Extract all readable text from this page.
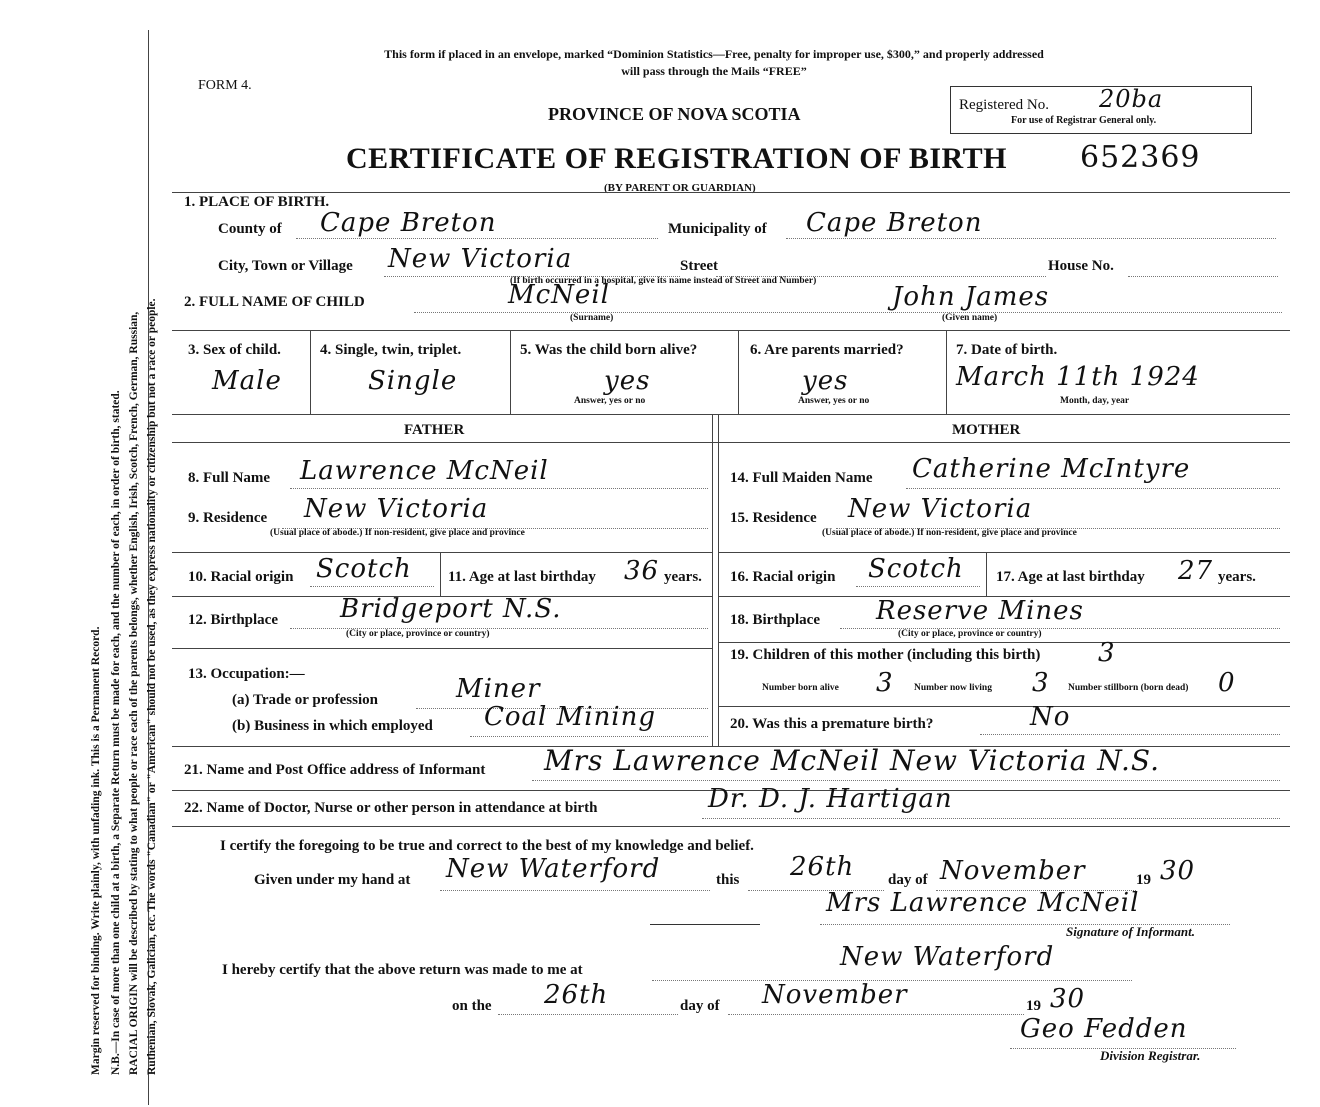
Margin reserved for binding. Write plainly, with unfading ink. This is a Permanent Record. N.B.—In case of more than one child at a birth, a Separate Return must be made for each, and the number of each, in order of birth, stated. RACIAL ORIGIN will be described by stating to what people or race each of the parents belongs, whether English, Irish, Scotch, French, German, Russian, Ruthenian, Slovak, Galician, etc. The words "Canadian" or "American" should not be used, as they express nationality or citizenship but not a race or people.
This form if placed in an envelope, marked “Dominion Statistics—Free, penalty for improper use, $300,” and properly addressed
will pass through the Mails “FREE”
FORM 4.
PROVINCE OF NOVA SCOTIA	Registered No. 20ba
For use of Registrar General only.
CERTIFICATE OF REGISTRATION OF BIRTH 652369
(BY PARENT OR GUARDIAN)
1. PLACE OF BIRTH.
County of Cape Breton	Municipality of Cape Breton
City, Town or Village New Victoria	Street
(If birth occurred in a hospital, give its name instead of Street and Number)
House No.
2. FULL NAME OF CHILD	McNeil
(Surname)
John James
(Given name)
3. Sex of child.
Male
4. Single, twin, triplet.
Single
5. Was the child born alive?
yes
Answer, yes or no
6. Are parents married?
yes
Answer, yes or no
7. Date of birth.
March 11th 1924
Month, day, year
FATHER	MOTHER
8. Full Name Lawrence McNeil
9. Residence New Victoria
(Usual place of abode.) If non-resident, give place and province
10. Racial origin Scotch 11. Age at last birthday 36 years.
12. Birthplace Bridgeport N.S.
(City or place, province or country)
13. Occupation:—
(a) Trade or profession	Miner
(b) Business in which employed Coal Mining
14. Full Maiden Name Catherine McIntyre
15. Residence New Victoria
(Usual place of abode.) If non-resident, give place and province
16. Racial origin Scotch 17. Age at last birthday 27 years.
18. Birthplace Reserve Mines
(City or place, province or country)
19. Children of this mother (including this birth) 3
Number born alive 3 Number now living 3 Number stillborn (born dead) 0
20. Was this a premature birth?	No
21. Name and Post Office address of Informant Mrs Lawrence McNeil New Victoria N.S.
22. Name of Doctor, Nurse or other person in attendance at birth	Dr. D. J. Hartigan
I certify the foregoing to be true and correct to the best of my knowledge and belief.
Given under my hand at New Waterford	this 26th day of November	19 30
Mrs Lawrence McNeil
Signature of Informant.
I hereby certify that the above return was made to me at	New Waterford
on the 26th	day of November	19 30
Geo Fedden
Division Registrar.
